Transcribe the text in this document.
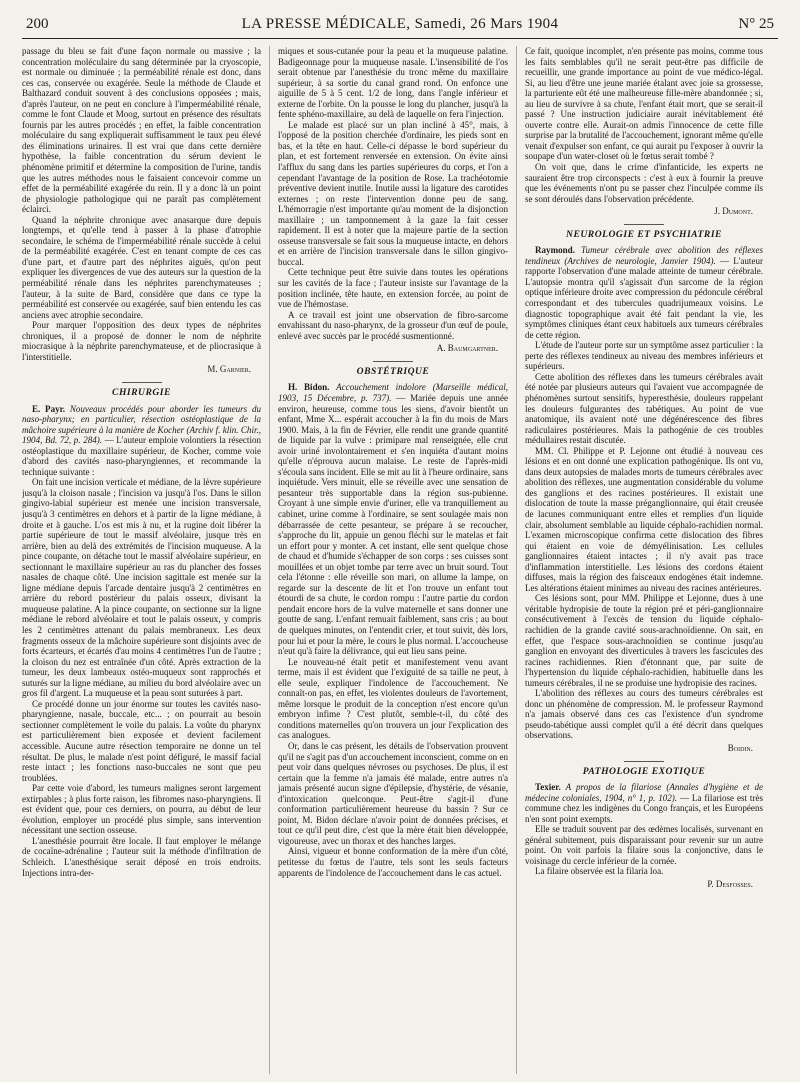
200	LA PRESSE MÉDICALE, Samedi, 26 Mars 1904	N° 25

passage du bleu se fait d'une façon normale ou massive ; la concentration moléculaire du sang déterminée par la cryoscopie, est normale ou diminuée ; la perméabilité rénale est donc, dans ces cas, conservée ou exagérée. Seule la méthode de Claude et Balthazard conduit souvent à des conclusions opposées ; mais, d'après l'auteur, on ne peut en conclure à l'imperméabilité rénale, comme le font Claude et Moog, surtout en présence des résultats fournis par les autres procédés ; en effet, la faible concentration moléculaire du sang expliquerait suffisamment le taux peu élevé des éliminations urinaires. Il est vrai que dans cette dernière hypothèse, la faible concentration du sérum devient le phénomène primitif et détermine la composition de l'urine, tandis que les autres méthodes nous le faisaient concevoir comme un effet de la perméabilité exagérée du rein. Il y a donc là un point de physiologie pathologique qui ne paraît pas complètement éclairci.

Quand la néphrite chronique avec anasarque dure depuis longtemps, et qu'elle tend à passer à la phase d'atrophie secondaire, le schéma de l'imperméabilité rénale succède à celui de la perméabilité exagérée. C'est en tenant compte de ces cas d'une part, et d'autre part des néphrites aiguës, qu'on peut expliquer les divergences de vue des auteurs sur la question de la perméabilité rénale dans les néphrites parenchymateuses ; l'auteur, à la suite de Bard, considère que dans ce type la perméabilité est conservée ou exagérée, sauf bien entendu les cas anciens avec atrophie secondaire.

Pour marquer l'opposition des deux types de néphrites chroniques, il a proposé de donner le nom de néphrite miocrasique à la néphrite parenchymateuse, et de pliocrasique à l'interstitielle.

M. Garnier.
CHIRURGIE

E. Payr. Nouveaux procédés pour aborder les tumeurs du naso-pharynx; en particulier, résection ostéoplastique de la mâchoire supérieure à la manière de Kocher (Archiv f. klin. Chir., 1904, Bd. 72, p. 284). — L'auteur emploie volontiers la résection ostéoplastique du maxillaire supérieur, de Kocher, comme voie d'abord des cavités naso-pharyngiennes, et recommande la technique suivante :

On fait une incision verticale et médiane, de la lèvre supérieure jusqu'à la cloison nasale ; l'incision va jusqu'à l'os. Dans le sillon gingivo-labial supérieur est menée une incision transversale, jusqu'à 3 centimètres en dehors et à partir de la ligne médiane, à droite et à gauche. L'os est mis à nu, et la rugine doit libérer la partie supérieure de tout le massif alvéolaire, jusque très en arrière, bien au delà des extrémités de l'incision muqueuse. A la pince coupante, on détache tout le massif alvéolaire supérieur, en sectionnant le maxillaire supérieur au ras du plancher des fosses nasales de chaque côté. Une incision sagittale est menée sur la ligne médiane depuis l'arcade dentaire jusqu'à 2 centimètres en arrière du rebord postérieur du palais osseux, divisant la muqueuse palatine. A la pince coupante, on sectionne sur la ligne médiane le rebord alvéolaire et tout le palais osseux, y compris les 2 centimètres attenant du palais membraneux. Les deux fragments osseux de la mâchoire supérieure sont disjoints avec de forts écarteurs, et écartés d'au moins 4 centimètres l'un de l'autre ; la cloison du nez est entraînée d'un côté. Après extraction de la tumeur, les deux lambeaux ostéo-muqueux sont rapprochés et suturés sur la ligne médiane, au milieu du bord alvéolaire avec un gros fil d'argent. La muqueuse et la peau sont suturées à part.

Ce procédé donne un jour énorme sur toutes les cavités naso-pharyngienne, nasale, buccale, etc... ; on pourrait au besoin sectionner complètement le voile du palais. La voûte du pharynx est particulièrement bien exposée et devient facilement accessible. Aucune autre résection temporaire ne donne un tel résultat. De plus, le malade n'est point défiguré, le massif facial reste intact ; les fonctions naso-buccales ne sont que peu troublées.

Par cette voie d'abord, les tumeurs malignes seront largement extirpables ; à plus forte raison, les fibromes naso-pharyngiens. Il est évident que, pour ces derniers, on pourra, au début de leur évolution, employer un procédé plus simple, sans intervention nécessitant une section osseuse.

L'anesthésie pourrait être locale. Il faut employer le mélange de cocaïne-adrénaline ; l'auteur suit la méthode d'infiltration de Schleich. L'anesthésique serait déposé en trois endroits. Injections intra-der-

miques et sous-cutanée pour la peau et la muqueuse palatine. Badigeonnage pour la muqueuse nasale. L'insensibilité de l'os serait obtenue par l'anesthésie du tronc même du maxillaire supérieur, à sa sortie du canal grand rond. On enfonce une aiguille de 5 à 5 cent. 1/2 de long, dans l'angle inférieur et externe de l'orbite. On la pousse le long du plancher, jusqu'à la fente sphéno-maxillaire, au delà de laquelle on fera l'injection.

Le malade est placé sur un plan incliné à 45°, mais, à l'opposé de la position cherchée d'ordinaire, les pieds sont en bas, et la tête en haut. Celle-ci dépasse le bord supérieur du plan, et est fortement renversée en extension. On évite ainsi l'afflux du sang dans les parties supérieures du corps, et l'on a cependant l'avantage de la position de Rose. La trachéotomie préventive devient inutile. Inutile aussi la ligature des carotides externes ; on reste l'intervention donne peu de sang. L'hémorragie n'est importante qu'au moment de la disjonction maxillaire ; un tamponnement à la gaze la fait cesser rapidement. Il est à noter que la majeure partie de la section osseuse transversale se fait sous la muqueuse intacte, en dehors et en arrière de l'incision transversale dans le sillon gingivo-buccal.

Cette technique peut être suivie dans toutes les opérations sur les cavités de la face ; l'auteur insiste sur l'avantage de la position inclinée, tête haute, en extension forcée, au point de vue de l'hémostase.

A ce travail est joint une observation de fibro-sarcome envahissant du naso-pharynx, de la grosseur d'un œuf de poule, enlevé avec succès par le procédé susmentionné.

A. Baumgartner.
OBSTÉTRIQUE

H. Bidon. Accouchement indolore (Marseille médical, 1903, 15 Décembre, p. 737). — Mariée depuis une année environ, heureuse, comme tous les siens, d'avoir bientôt un enfant, Mme X... espérait accoucher à la fin du mois de Mars 1900. Mais, à la fin de Février, elle rendit une grande quantité de liquide par la vulve : primipare mal renseignée, elle crut avoir uriné involontairement et s'en inquiéta d'autant moins qu'elle n'éprouva aucun malaise. Le reste de l'après-midi s'écoula sans incident. Elle se mit au lit à l'heure ordinaire, sans inquiétude. Vers minuit, elle se réveille avec une sensation de pesanteur très supportable dans la région sus-pubienne. Croyant à une simple envie d'uriner, elle va tranquillement au cabinet, urine comme à l'ordinaire, se sent soulagée mais non débarrassée de cette pesanteur, se prépare à se recoucher, s'approche du lit, appuie un genou fléchi sur le matelas et fait un effort pour y monter. A cet instant, elle sent quelque chose de chaud et d'humide s'échapper de son corps : ses cuisses sont mouillées et un objet tombe par terre avec un bruit sourd. Tout cela l'étonne : elle réveille son mari, on allume la lampe, on regarde sur la descente de lit et l'on trouve un enfant tout étourdi de sa chute, le cordon rompu : l'autre partie du cordon pendait encore hors de la vulve maternelle et sans donner une goutte de sang. L'enfant remuait faiblement, sans cris ; au bout de quelques minutes, on l'entendit crier, et tout suivit, dès lors, pour lui et pour la mère, le cours le plus normal. L'accoucheuse n'eut qu'à faire la délivrance, qui eut lieu sans peine.

Le nouveau-né était petit et manifestement venu avant terme, mais il est évident que l'exiguité de sa taille ne peut, à elle seule, expliquer l'indolence de l'accouchement. Ne connaît-on pas, en effet, les violentes douleurs de l'avortement, même lorsque le produit de la conception n'est encore qu'un embryon infime ? C'est plutôt, semble-t-il, du côté des conditions maternelles qu'on trouvera un jour l'explication des cas analogues.

Or, dans le cas présent, les détails de l'observation prouvent qu'il ne s'agit pas d'un accouchement inconscient, comme on en peut voir dans quelques névroses ou psychoses. De plus, il est certain que la femme n'a jamais été malade, entre autres n'a jamais présenté aucun signe d'épilepsie, d'hystérie, de vésanie, d'intoxication quelconque. Peut-être s'agit-il d'une conformation particulièrement heureuse du bassin ? Sur ce point, M. Bidon déclare n'avoir point de données précises, et tout ce qu'il peut dire, c'est que la mère était bien développée, vigoureuse, avec un thorax et des hanches larges.

Ainsi, vigueur et bonne conformation de la mère d'un côté, petitesse du fœtus de l'autre, tels sont les seuls facteurs apparents de l'indolence de l'accouchement dans le cas actuel.

Ce fait, quoique incomplet, n'en présente pas moins, comme tous les faits semblables qu'il ne serait peut-être pas difficile de recueillir, une grande importance au point de vue médico-légal. Si, au lieu d'être une jeune mariée étalant avec joie sa grossesse, la parturiente eût été une malheureuse fille-mère abandonnée ; si, au lieu de survivre à sa chute, l'enfant était mort, que se serait-il passé ? Une instruction judiciaire aurait inévitablement été ouverte contre elle. Aurait-on admis l'innocence de cette fille surprise par la brutalité de l'accouchement, ignorant même qu'elle venait d'expulser son enfant, ce qui aurait pu l'exposer à ouvrir la soupape d'un water-closet où le fœtus serait tombé ?

On voit que, dans le crime d'infanticide, les experts ne sauraient être trop circonspects : c'est à eux à fournir la preuve que les événements n'ont pu se passer chez l'inculpée comme ils se sont déroulés dans l'observation précédente.

J. Dumont.
NEUROLOGIE ET PSYCHIATRIE

Raymond. Tumeur cérébrale avec abolition des réflexes tendineux (Archives de neurologie, Janvier 1904). — L'auteur rapporte l'observation d'une malade atteinte de tumeur cérébrale. L'autopsie montra qu'il s'agissait d'un sarcome de la région optique inférieure droite avec compression du pédoncule cérébral correspondant et des tubercules quadrijumeaux voisins. Le diagnostic topographique avait été fait pendant la vie, les symptômes cliniques étant ceux habituels aux tumeurs cérébrales de cette région.

L'étude de l'auteur porte sur un symptôme assez particulier : la perte des réflexes tendineux au niveau des membres inférieurs et supérieurs.

Cette abolition des réflexes dans les tumeurs cérébrales avait été notée par plusieurs auteurs qui l'avaient vue accompagnée de phénomènes surtout sensitifs, hyperesthésie, douleurs rappelant les douleurs fulgurantes des tabétiques. Au point de vue anatomique, ils avaient noté une dégénérescence des fibres radiculaires postérieures. Mais la pathogénie de ces troubles médullaires restait discutée.

MM. Cl. Philippe et P. Lejonne ont étudié à nouveau ces lésions et en ont donné une explication pathogénique. Ils ont vu, dans deux autopsies de malades morts de tumeurs cérébrales avec abolition des réflexes, une augmentation considérable du volume des ganglions et des racines postérieures. Il existait une dislocation de toute la masse préganglionnaire, qui était creusée de lacunes communiquant entre elles et remplies d'un liquide clair, absolument semblable au liquide céphalo-rachidien normal. L'examen microscopique confirma cette dislocation des fibres qui étaient en voie de démyélinisation. Les cellules ganglionnaires étaient intactes ; il n'y avait pas trace d'inflammation interstitielle. Les lésions des cordons étaient diffuses, mais la région des faisceaux endogènes était indemne. Les altérations étaient minimes au niveau des racines antérieures.

Ces lésions sont, pour MM. Philippe et Lejonne, dues à une véritable hydropisie de toute la région pré et péri-ganglionnaire consécutivement à l'excès de tension du liquide céphalo-rachidien de la grande cavité sous-arachnoïdienne. On sait, en effet, que l'espace sous-arachnoïdien se continue jusqu'au ganglion en envoyant des diverticules à travers les fascicules des racines rachidiennes. Rien d'étonnant que, par suite de l'hypertension du liquide céphalo-rachidien, habituelle dans les tumeurs cérébrales, il ne se produise une hydropisie des racines.

L'abolition des réflexes au cours des tumeurs cérébrales est donc un phénomène de compression. M. le professeur Raymond n'a jamais observé dans ces cas l'existence d'un syndrome pseudo-tabétique aussi complet qu'il a été décrit dans quelques observations.

Boidin.
PATHOLOGIE EXOTIQUE

Texier. A propos de la filariose (Annales d'hygiène et de médecine coloniales, 1904, n° 1, p. 102). — La filariose est très commune chez les indigènes du Congo français, et les Européens n'en sont point exempts.

Elle se traduit souvent par des œdèmes localisés, survenant en général subitement, puis disparaissant pour revenir sur un autre point. On voit parfois la filaire sous la conjonctive, dans le voisinage du cercle inférieur de la cornée.

La filaire observée est la filaria loa.

P. Desfosses.
